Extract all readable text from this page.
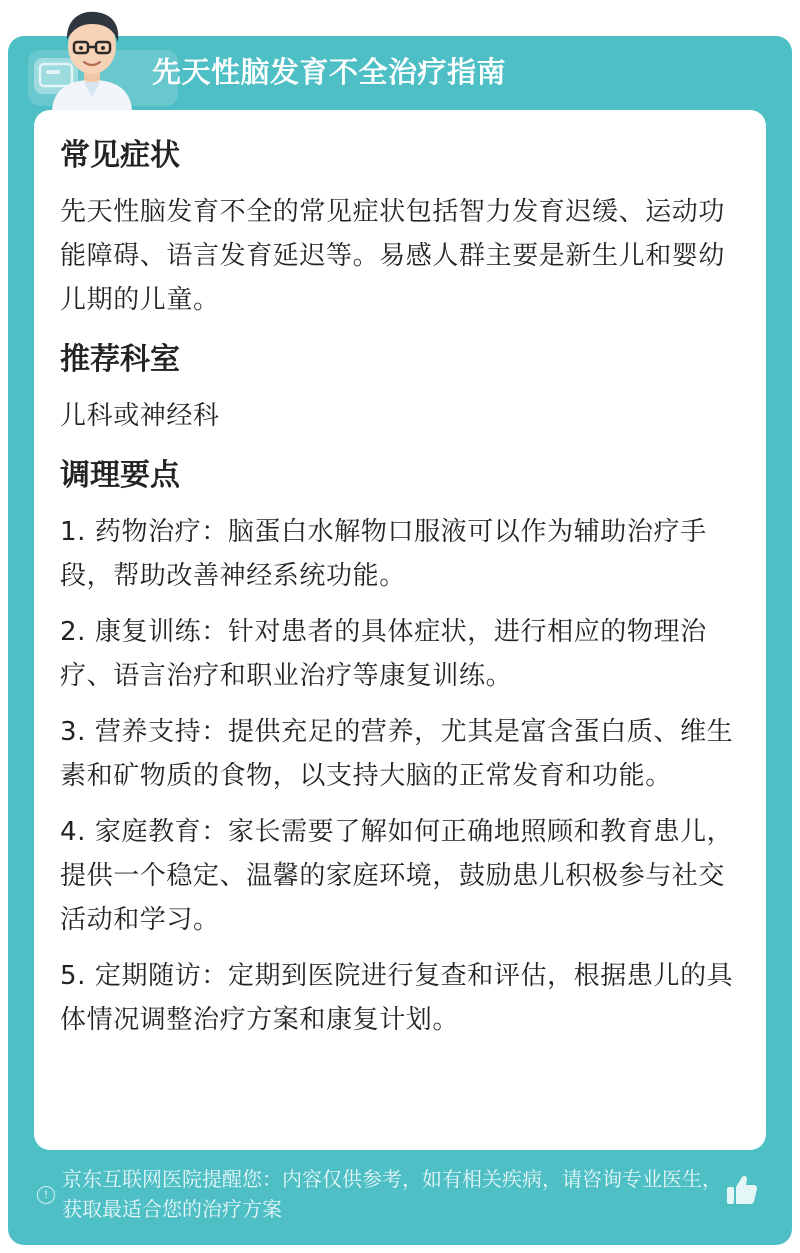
先天性脑发育不全治疗指南
常见症状
先天性脑发育不全的常见症状包括智力发育迟缓、运动功能障碍、语言发育延迟等。易感人群主要是新生儿和婴幼儿期的儿童。
推荐科室
儿科或神经科
调理要点
1. 药物治疗：脑蛋白水解物口服液可以作为辅助治疗手段，帮助改善神经系统功能。
2. 康复训练：针对患者的具体症状，进行相应的物理治疗、语言治疗和职业治疗等康复训练。
3. 营养支持：提供充足的营养，尤其是富含蛋白质、维生素和矿物质的食物，以支持大脑的正常发育和功能。
4. 家庭教育：家长需要了解如何正确地照顾和教育患儿，提供一个稳定、温馨的家庭环境，鼓励患儿积极参与社交活动和学习。
5. 定期随访：定期到医院进行复查和评估，根据患儿的具体情况调整治疗方案和康复计划。
!
京东互联网医院提醒您：内容仅供参考，如有相关疾病，请咨询专业医生，获取最适合您的治疗方案
